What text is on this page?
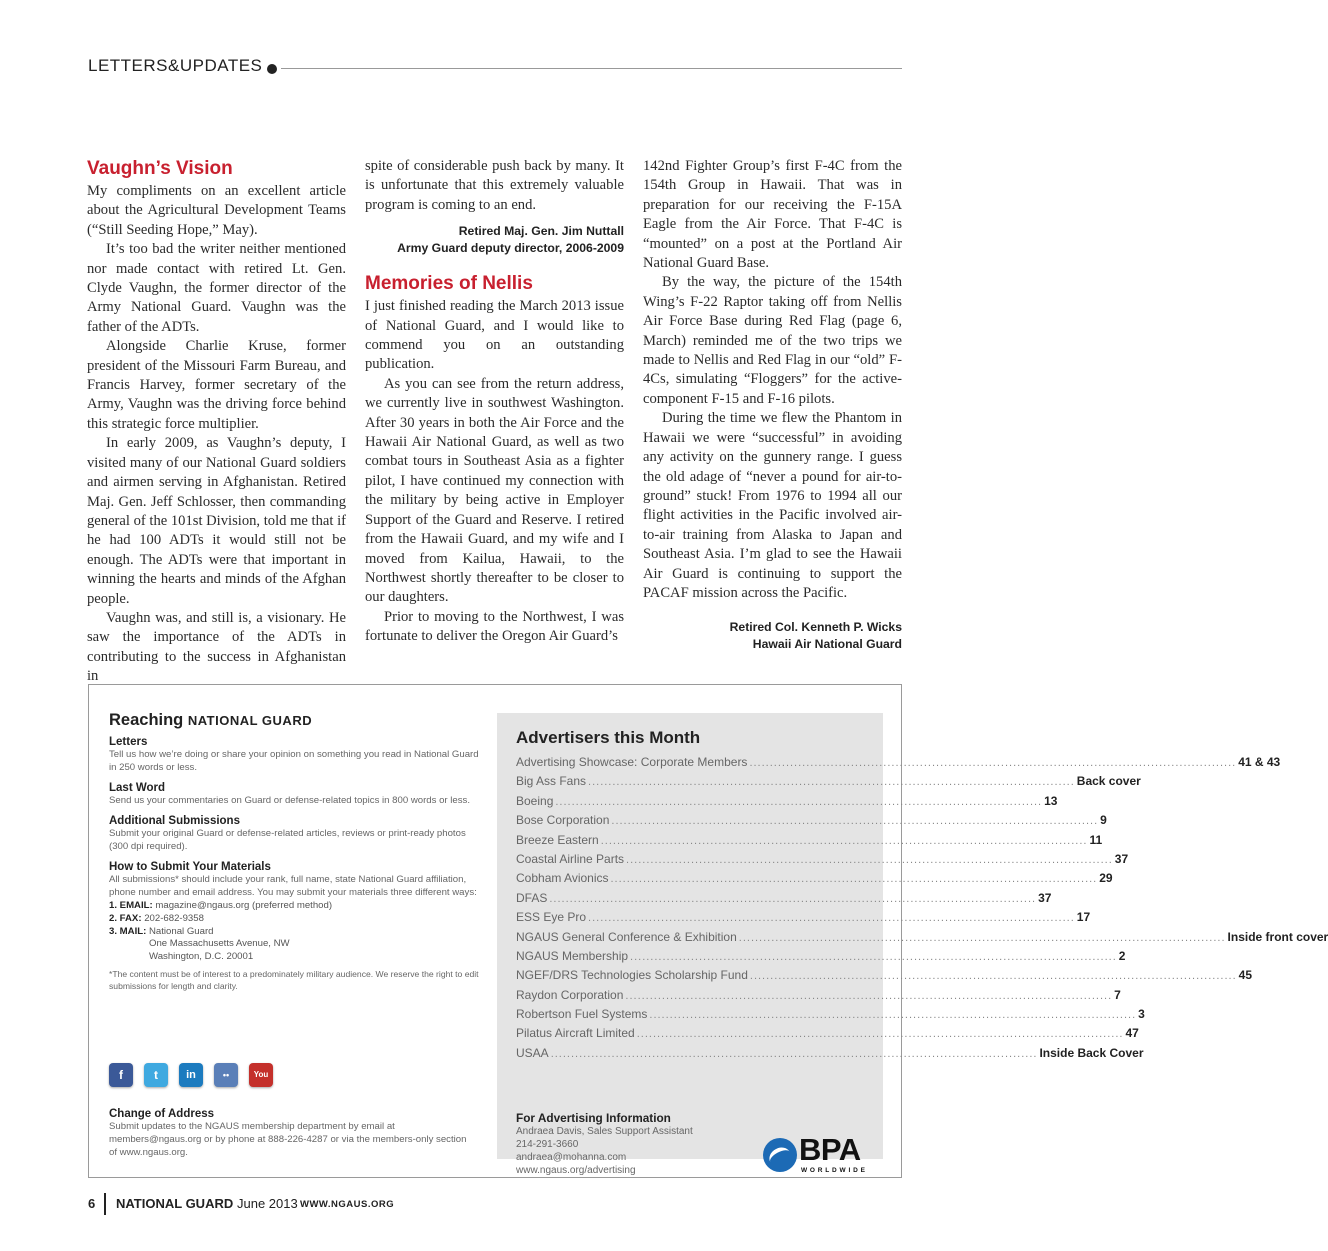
LETTERS&UPDATES
Vaughn’s Vision

My compliments on an excellent article about the Agricultural Development Teams (“Still Seeding Hope,” May).

It’s too bad the writer neither mentioned nor made contact with retired Lt. Gen. Clyde Vaughn, the former director of the Army National Guard. Vaughn was the father of the ADTs.

Alongside Charlie Kruse, former president of the Missouri Farm Bureau, and Francis Harvey, former secretary of the Army, Vaughn was the driving force behind this strategic force multiplier.

In early 2009, as Vaughn’s deputy, I visited many of our National Guard soldiers and airmen serving in Afghanistan. Retired Maj. Gen. Jeff Schlosser, then commanding general of the 101st Division, told me that if he had 100 ADTs it would still not be enough. The ADTs were that important in winning the hearts and minds of the Afghan people.

Vaughn was, and still is, a visionary. He saw the importance of the ADTs in contributing to the success in Afghanistan in

spite of considerable push back by many. It is unfortunate that this extremely valuable program is coming to an end.

Retired Maj. Gen. Jim Nuttall
Army Guard deputy director, 2006-2009
Memories of Nellis

I just finished reading the March 2013 issue of National Guard, and I would like to commend you on an outstanding publication.

As you can see from the return address, we currently live in southwest Washington. After 30 years in both the Air Force and the Hawaii Air National Guard, as well as two combat tours in Southeast Asia as a fighter pilot, I have continued my connection with the military by being active in Employer Support of the Guard and Reserve. I retired from the Hawaii Guard, and my wife and I moved from Kailua, Hawaii, to the Northwest shortly thereafter to be closer to our daughters.

Prior to moving to the Northwest, I was fortunate to deliver the Oregon Air Guard’s

142nd Fighter Group’s first F-4C from the 154th Group in Hawaii. That was in preparation for our receiving the F-15A Eagle from the Air Force. That F-4C is “mounted” on a post at the Portland Air National Guard Base.

By the way, the picture of the 154th Wing’s F-22 Raptor taking off from Nellis Air Force Base during Red Flag (page 6, March) reminded me of the two trips we made to Nellis and Red Flag in our “old” F-4Cs, simulating “Floggers” for the active-component F-15 and F-16 pilots.

During the time we flew the Phantom in Hawaii we were “successful” in avoiding any activity on the gunnery range. I guess the old adage of “never a pound for air-to-ground” stuck! From 1976 to 1994 all our flight activities in the Pacific involved air-to-air training from Alaska to Japan and Southeast Asia. I’m glad to see the Hawaii Air Guard is continuing to support the PACAF mission across the Pacific.

Retired Col. Kenneth P. Wicks
Hawaii Air National Guard
Reaching NATIONAL GUARD
Letters
Tell us how we’re doing or share your opinion on something you read in National Guard in 250 words or less.
Last Word
Send us your commentaries on Guard or defense-related topics in 800 words or less.
Additional Submissions
Submit your original Guard or defense-related articles, reviews or print-ready photos (300 dpi required).
How to Submit Your Materials
All submissions* should include your rank, full name, state National Guard affiliation, phone number and email address. You may submit your materials three different ways:
1. EMAIL: magazine@ngaus.org (preferred method)
2. FAX: 202-682-9358
3. MAIL: National Guard
One Massachusetts Avenue, NW
Washington, D.C. 20001
*The content must be of interest to a predominately military audience. We reserve the right to edit submissions for length and clarity.
f	t	in	••	You
Change of Address
Submit updates to the NGAUS membership department by email at members@ngaus.org or by phone at 888-226-4287 or via the members-only section of www.ngaus.org.
Advertisers this Month
Advertising Showcase: Corporate Members ........................................................................................................................ 41 & 43
Big Ass Fans ........................................................................................................................ Back cover
Boeing ........................................................................................................................ 13
Bose Corporation ........................................................................................................................ 9
Breeze Eastern ........................................................................................................................ 11
Coastal Airline Parts ........................................................................................................................ 37
Cobham Avionics ........................................................................................................................ 29
DFAS ........................................................................................................................ 37
ESS Eye Pro ........................................................................................................................ 17
NGAUS General Conference & Exhibition ........................................................................................................................ Inside front cover
NGAUS Membership ........................................................................................................................ 2
NGEF/DRS Technologies Scholarship Fund ........................................................................................................................ 45
Raydon Corporation ........................................................................................................................ 7
Robertson Fuel Systems ........................................................................................................................ 3
Pilatus Aircraft Limited ........................................................................................................................ 47
USAA ........................................................................................................................ Inside Back Cover
For Advertising Information
Andraea Davis, Sales Support Assistant
214-291-3660
andraea@mohanna.com
www.ngaus.org/advertising
BPA
WORLDWIDE
6 NATIONAL GUARD June 2013 WWW.NGAUS.ORG
